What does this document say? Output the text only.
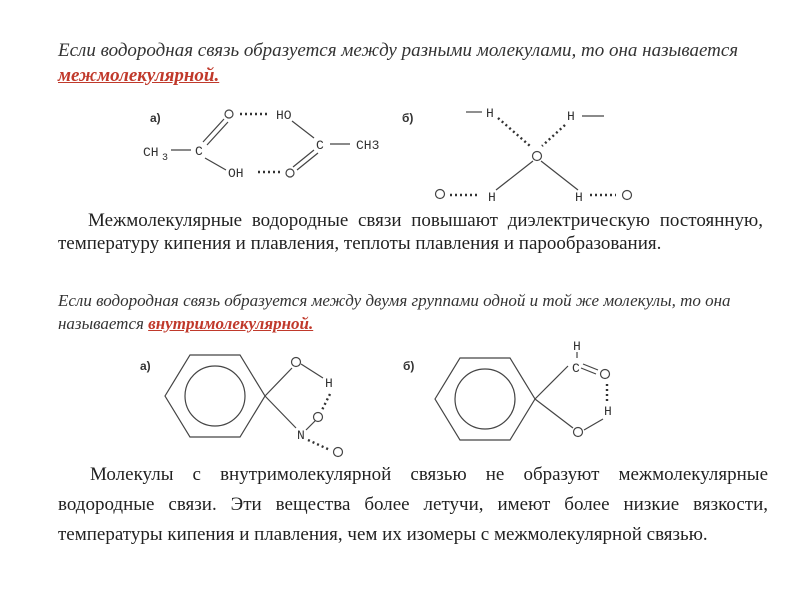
Если водородная связь образуется между разными молекулами, то она называется межмолекулярной.

Межмолекулярные водородные связи повышают диэлектрическую постоянную, температуру кипения и плавления, теплоты плавления и парообразования.

Если водородная связь образуется между двумя группами одной и той же молекулы, то она называется внутримолекулярной.

Молекулы с внутримолекулярной связью не образуют межмолекулярные водородные связи. Эти вещества более летучи, имеют более низкие вязкости, температуры кипения и плавления, чем их изомеры с межмолекулярной связью.

а)
CH 3 C
OH
HO
C CH3
б)	H	H
H	H
а)
H
N
б)
H
C
H
